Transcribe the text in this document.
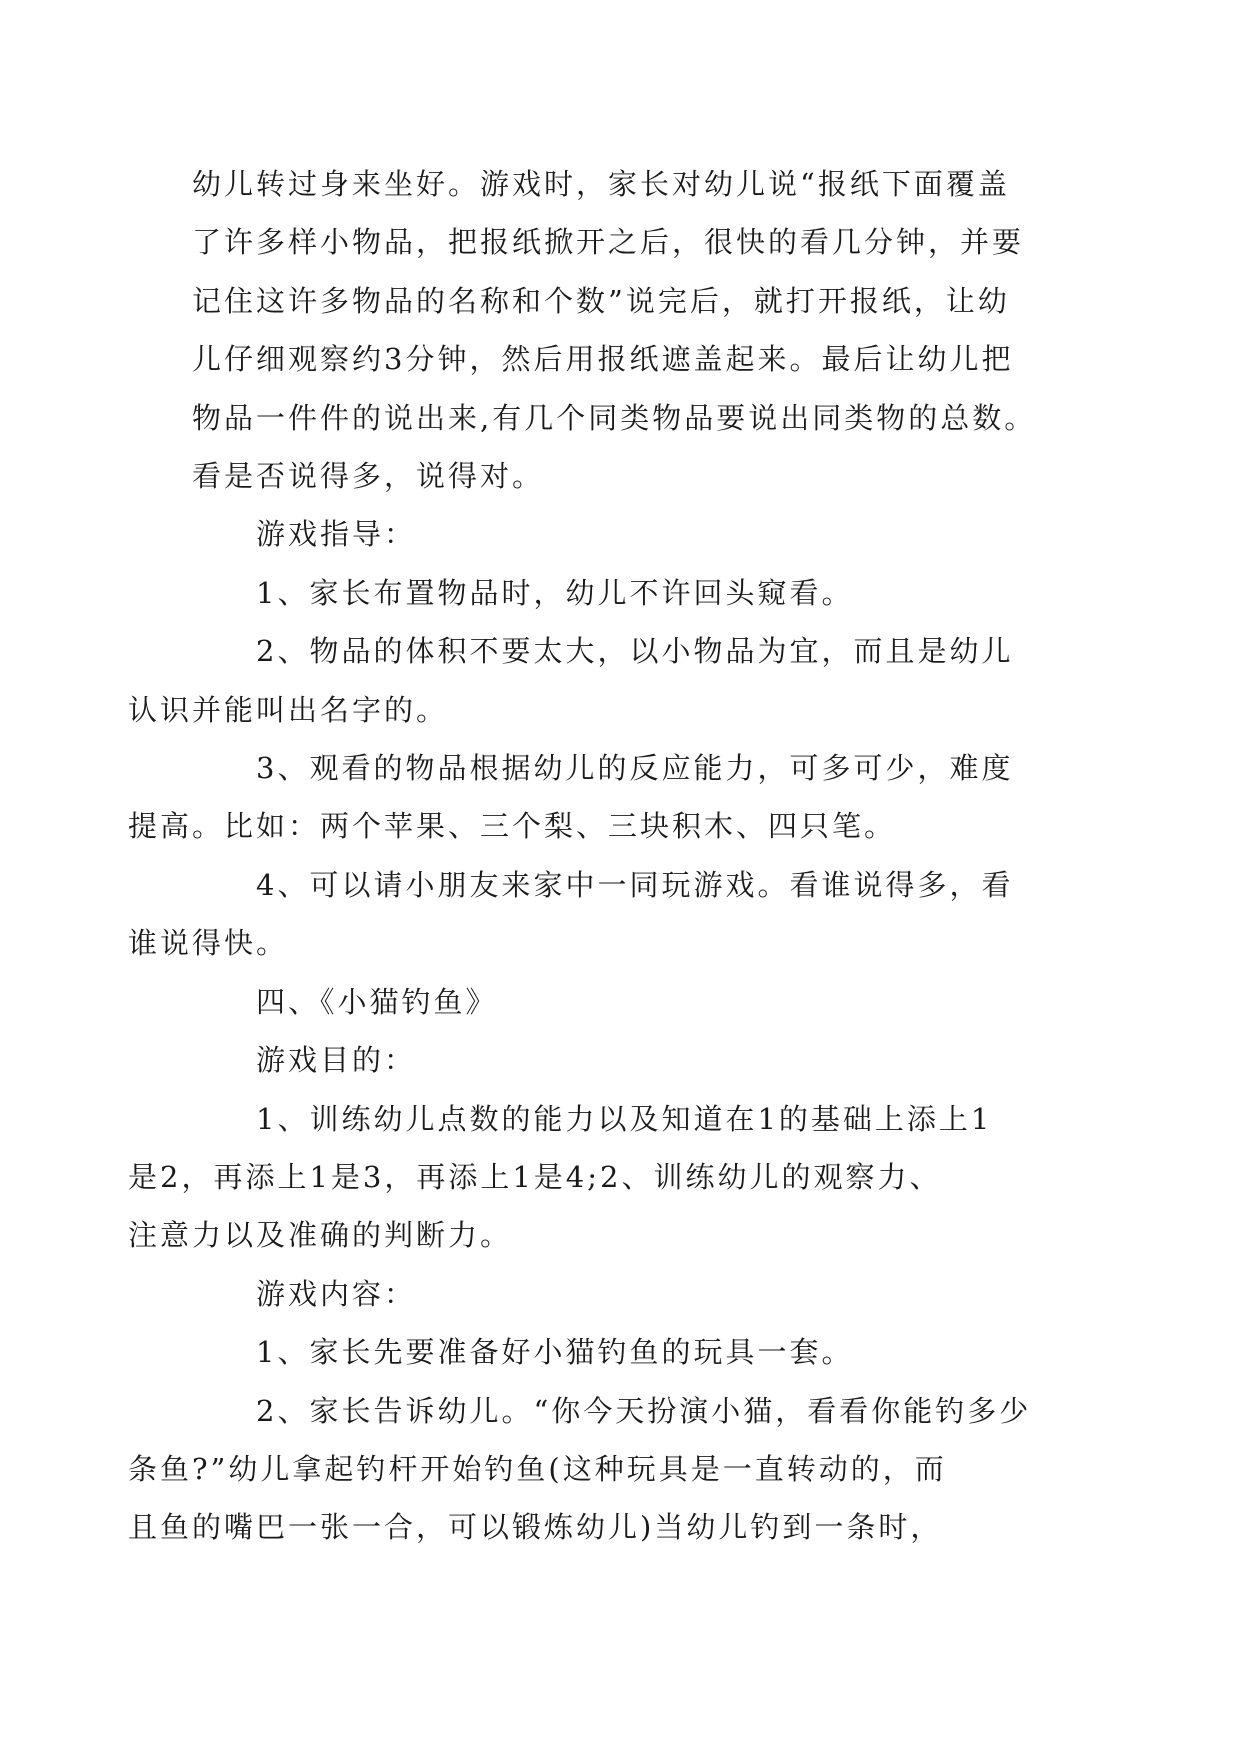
幼儿转过身来坐好。游戏时，家长对幼儿说“报纸下面覆盖
了许多样小物品，把报纸掀开之后，很快的看几分钟，并要
记住这许多物品的名称和个数”说完后，就打开报纸，让幼
儿仔细观察约3分钟，然后用报纸遮盖起来。最后让幼儿把
物品一件件的说出来,有几个同类物品要说出同类物的总数。
看是否说得多，说得对。

游戏指导：

1、家长布置物品时，幼儿不许回头窥看。

2、物品的体积不要太大，以小物品为宜，而且是幼儿
认识并能叫出名字的。

3、观看的物品根据幼儿的反应能力，可多可少，难度
提高。比如：两个苹果、三个梨、三块积木、四只笔。

4、可以请小朋友来家中一同玩游戏。看谁说得多，看
谁说得快。

四、《小猫钓鱼》

游戏目的：

1、训练幼儿点数的能力以及知道在1的基础上添上1
是2，再添上1是3，再添上1是4;2、训练幼儿的观察力、
注意力以及准确的判断力。

游戏内容：

1、家长先要准备好小猫钓鱼的玩具一套。

2、家长告诉幼儿。“你今天扮演小猫，看看你能钓多少
条鱼?”幼儿拿起钓杆开始钓鱼(这种玩具是一直转动的，而
且鱼的嘴巴一张一合，可以锻炼幼儿)当幼儿钓到一条时，
